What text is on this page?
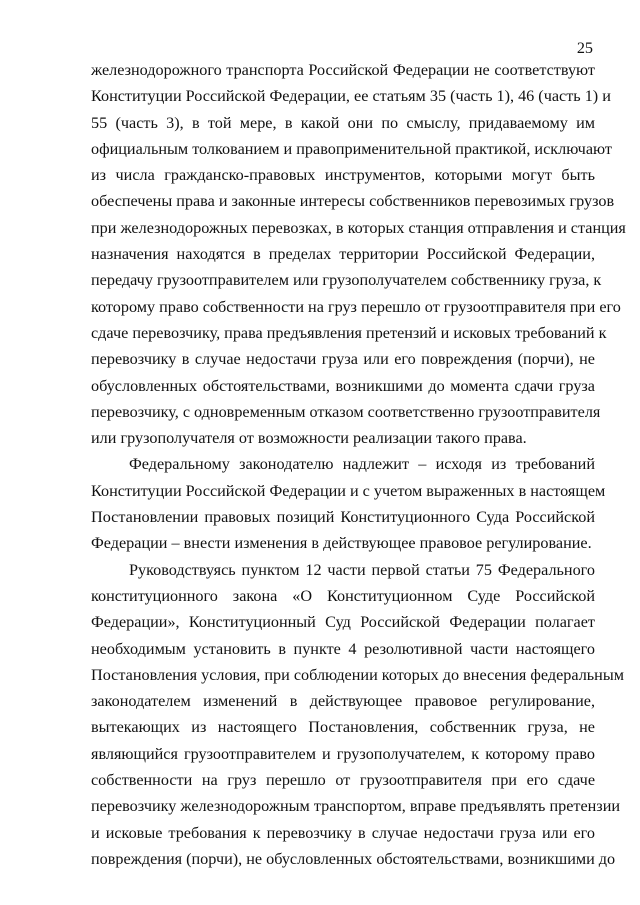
25
железнодорожного транспорта Российской Федерации не соответствуют
Конституции Российской Федерации, ее статьям 35 (часть 1), 46 (часть 1) и
55 (часть 3), в той мере, в какой они по смыслу, придаваемому им
официальным толкованием и правоприменительной практикой, исключают
из числа гражданско-правовых инструментов, которыми могут быть
обеспечены права и законные интересы собственников перевозимых грузов
при железнодорожных перевозках, в которых станция отправления и станция
назначения находятся в пределах территории Российской Федерации,
передачу грузоотправителем или грузополучателем собственнику груза, к
которому право собственности на груз перешло от грузоотправителя при его
сдаче перевозчику, права предъявления претензий и исковых требований к
перевозчику в случае недостачи груза или его повреждения (порчи), не
обусловленных обстоятельствами, возникшими до момента сдачи груза
перевозчику, с одновременным отказом соответственно грузоотправителя
или грузополучателя от возможности реализации такого права.
Федеральному законодателю надлежит – исходя из требований
Конституции Российской Федерации и с учетом выраженных в настоящем
Постановлении правовых позиций Конституционного Суда Российской
Федерации – внести изменения в действующее правовое регулирование.
Руководствуясь пунктом 12 части первой статьи 75 Федерального
конституционного закона «О Конституционном Суде Российской
Федерации», Конституционный Суд Российской Федерации полагает
необходимым установить в пункте 4 резолютивной части настоящего
Постановления условия, при соблюдении которых до внесения федеральным
законодателем изменений в действующее правовое регулирование,
вытекающих из настоящего Постановления, собственник груза, не
являющийся грузоотправителем и грузополучателем, к которому право
собственности на груз перешло от грузоотправителя при его сдаче
перевозчику железнодорожным транспортом, вправе предъявлять претензии
и исковые требования к перевозчику в случае недостачи груза или его
повреждения (порчи), не обусловленных обстоятельствами, возникшими до
